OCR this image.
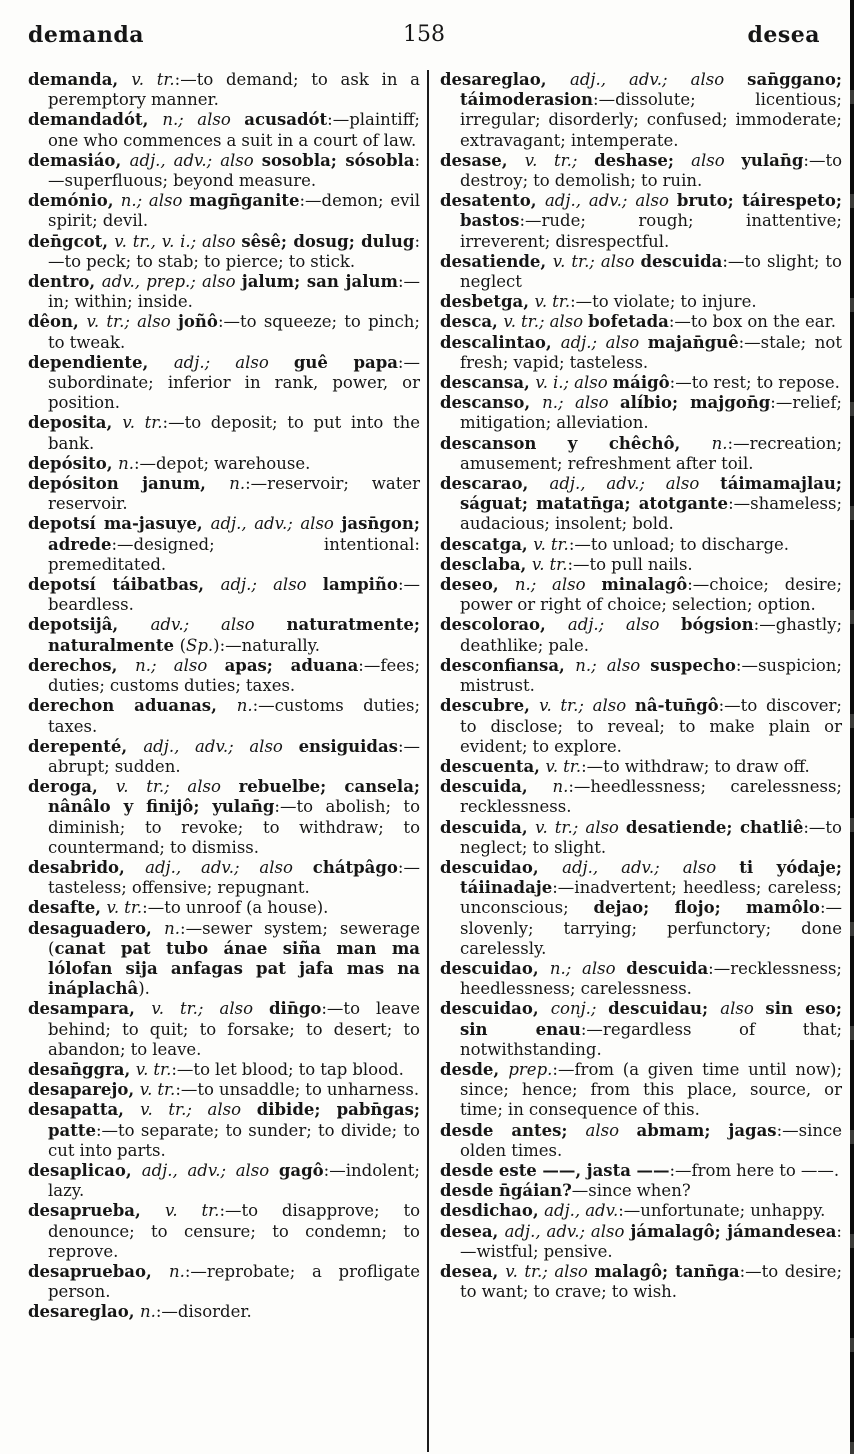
demanda	158	desea

demanda, v. tr.:—to demand; to ask in a peremptory manner.

demandadót, n.; also acusadót:—plaintiff; one who commences a suit in a court of law.

demasiáo, adj., adv.; also sosobla; sósobla:—superfluous; beyond measure.

demónio, n.; also magn̄ganite:—demon; evil spirit; devil.

den̄gcot, v. tr., v. i.; also sêsê; dosug; dulug:—to peck; to stab; to pierce; to stick.

dentro, adv., prep.; also jalum; san jalum:—in; within; inside.

dêon, v. tr.; also joñô:—to squeeze; to pinch; to tweak.

dependiente, adj.; also guê papa:—subordinate; inferior in rank, power, or position.

deposita, v. tr.:—to deposit; to put into the bank.

depósito, n.:—depot; warehouse.

depósiton janum, n.:—reservoir; water reservoir.

depotsí ma-jasuye, adj., adv.; also jasn̄gon; adrede:—designed; intentional: premeditated.

depotsí táibatbas, adj.; also lampiño:—beardless.

depotsijâ, adv.; also naturatmente; naturalmente (Sp.):—naturally.

derechos, n.; also apas; aduana:—fees; duties; customs duties; taxes.

derechon aduanas, n.:—customs duties; taxes.

derepenté, adj., adv.; also ensiguidas:—abrupt; sudden.

deroga, v. tr.; also rebuelbe; cansela; nânâlo y finijô; yulan̄g:—to abolish; to diminish; to revoke; to withdraw; to countermand; to dismiss.

desabrido, adj., adv.; also chátpâgo:—tasteless; offensive; repugnant.

desafte, v. tr.:—to unroof (a house).

desaguadero, n.:—sewer system; sewerage (canat pat tubo ánae siña man ma lólofan sija anfagas pat jafa mas na ináplachâ).

desampara, v. tr.; also din̄go:—to leave behind; to quit; to forsake; to desert; to abandon; to leave.

desan̄ggra, v. tr.:—to let blood; to tap blood.

desaparejo, v. tr.:—to unsaddle; to unharness.

desapatta, v. tr.; also dibide; pabn̄gas; patte:—to separate; to sunder; to divide; to cut into parts.

desaplicao, adj., adv.; also gagô:—indolent; lazy.

desaprueba, v. tr.:—to disapprove; to denounce; to censure; to condemn; to reprove.

desapruebao, n.:—reprobate; a profligate person.

desareglao, n.:—disorder.

desareglao, adj., adv.; also san̄ggano; táimoderasion:—dissolute; licentious; irregular; disorderly; confused; immoderate; extravagant; intemperate.

desase, v. tr.; deshase; also yulan̄g:—to destroy; to demolish; to ruin.

desatento, adj., adv.; also bruto; táirespeto; bastos:—rude; rough; inattentive; irreverent; disrespectful.

desatiende, v. tr.; also descuida:—to slight; to neglect

desbetga, v. tr.:—to violate; to injure.

desca, v. tr.; also bofetada:—to box on the ear.

descalintao, adj.; also majan̄guê:—stale; not fresh; vapid; tasteless.

descansa, v. i.; also máigô:—to rest; to repose.

descanso, n.; also alíbio; majgon̄g:—relief; mitigation; alleviation.

descanson y chêchô, n.:—recreation; amusement; refreshment after toil.

descarao, adj., adv.; also táimamajlau; ságuat; matatn̄ga; atotgante:—shameless; audacious; insolent; bold.

descatga, v. tr.:—to unload; to discharge.

desclaba, v. tr.:—to pull nails.

deseo, n.; also minalagô:—choice; desire; power or right of choice; selection; option.

descolorao, adj.; also bógsion:—ghastly; deathlike; pale.

desconfiansa, n.; also suspecho:—suspicion; mistrust.

descubre, v. tr.; also nâ-tun̄gô:—to discover; to disclose; to reveal; to make plain or evident; to explore.

descuenta, v. tr.:—to withdraw; to draw off.

descuida, n.:—heedlessness; carelessness; recklessness.

descuida, v. tr.; also desatiende; chatliê:—to neglect; to slight.

descuidao, adj., adv.; also ti yódaje; táiinadaje:—inadvertent; heedless; careless; unconscious; dejao; flojo; mamôlo:—slovenly; tarrying; perfunctory; done carelessly.

descuidao, n.; also descuida:—recklessness; heedlessness; carelessness.

descuidao, conj.; descuidau; also sin eso; sin enau:—regardless of that; notwithstanding.

desde, prep.:—from (a given time until now); since; hence; from this place, source, or time; in consequence of this.

desde antes; also abmam; jagas:—since olden times.

desde este ——, jasta ——:—from here to ——.

desde n̄gáian?—since when?

desdichao, adj., adv.:—unfortunate; unhappy.

desea, adj., adv.; also jámalagô; jámandesea:—wistful; pensive.

desea, v. tr.; also malagô; tann̄ga:—to desire; to want; to crave; to wish.
